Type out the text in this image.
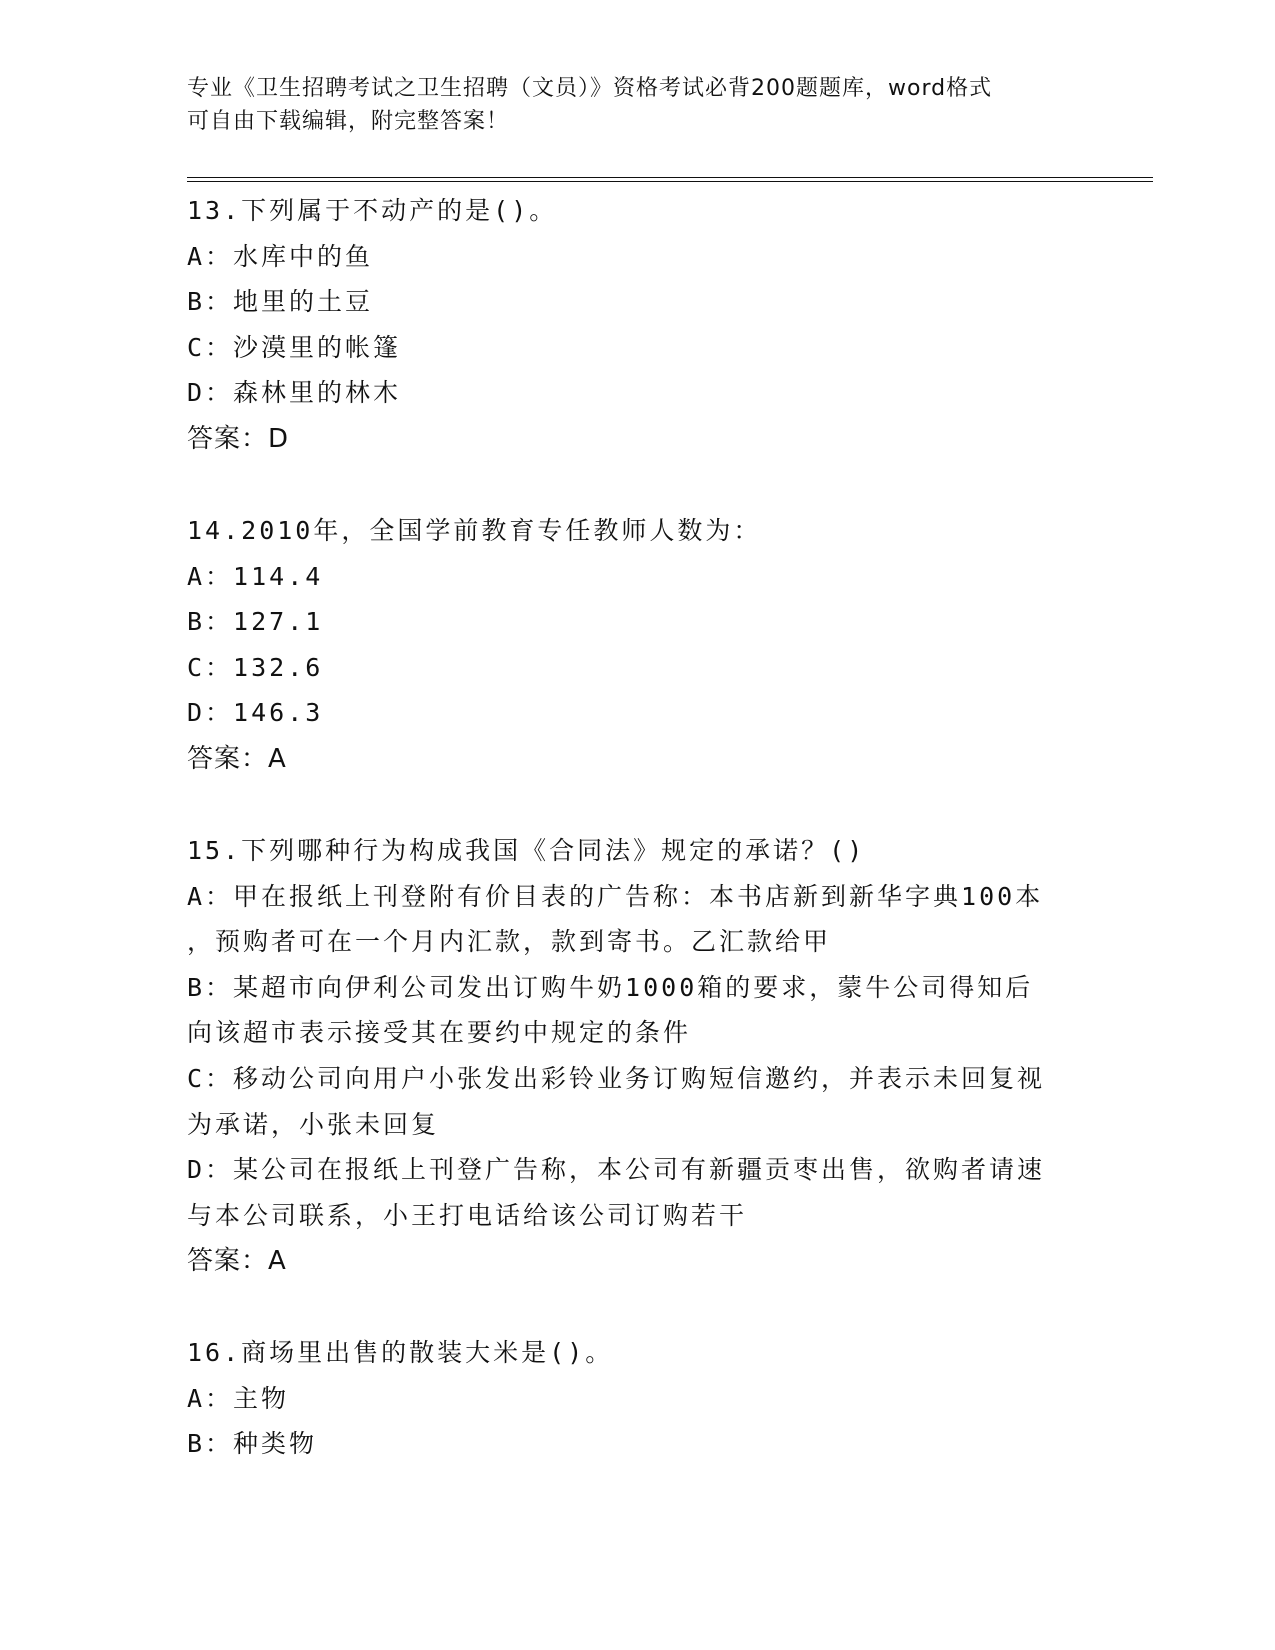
专业《卫生招聘考试之卫生招聘（文员）》资格考试必背200题题库，word格式
可自由下载编辑，附完整答案！
13.下列属于不动产的是()。
A：水库中的鱼
B：地里的土豆
C：沙漠里的帐篷
D：森林里的林木
答案：D
14.2010年，全国学前教育专任教师人数为：
A：114.4
B：127.1
C：132.6
D：146.3
答案：A
15.下列哪种行为构成我国《合同法》规定的承诺？()
A：甲在报纸上刊登附有价目表的广告称：本书店新到新华字典100本
，预购者可在一个月内汇款，款到寄书。乙汇款给甲
B：某超市向伊利公司发出订购牛奶1000箱的要求，蒙牛公司得知后
向该超市表示接受其在要约中规定的条件
C：移动公司向用户小张发出彩铃业务订购短信邀约，并表示未回复视
为承诺，小张未回复
D：某公司在报纸上刊登广告称，本公司有新疆贡枣出售，欲购者请速
与本公司联系，小王打电话给该公司订购若干
答案：A
16.商场里出售的散装大米是()。
A：主物
B：种类物
